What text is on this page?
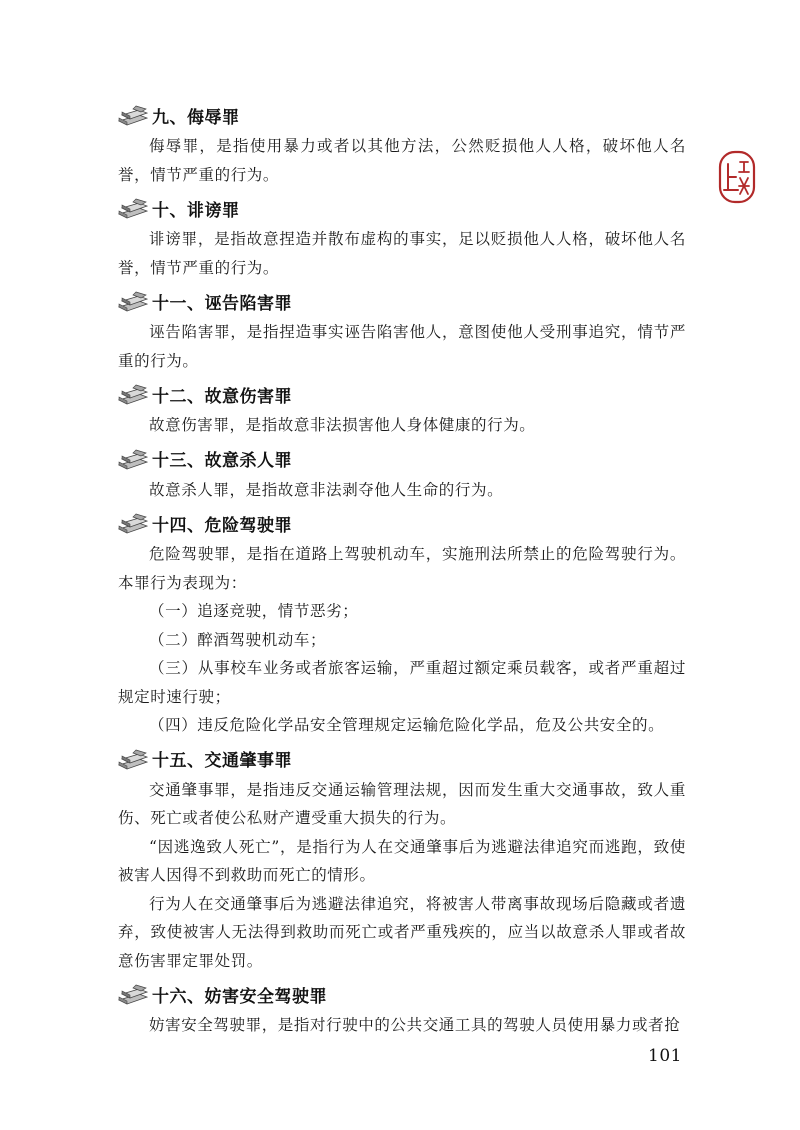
九、侮辱罪

侮辱罪，是指使用暴力或者以其他方法，公然贬损他人人格，破坏他人名誉，情节严重的行为。

十、诽谤罪

诽谤罪，是指故意捏造并散布虚构的事实，足以贬损他人人格，破坏他人名誉，情节严重的行为。

十一、诬告陷害罪

诬告陷害罪，是指捏造事实诬告陷害他人，意图使他人受刑事追究，情节严重的行为。

十二、故意伤害罪

故意伤害罪，是指故意非法损害他人身体健康的行为。

十三、故意杀人罪

故意杀人罪，是指故意非法剥夺他人生命的行为。

十四、危险驾驶罪

危险驾驶罪，是指在道路上驾驶机动车，实施刑法所禁止的危险驾驶行为。本罪行为表现为：

（一）追逐竞驶，情节恶劣；

（二）醉酒驾驶机动车；

（三）从事校车业务或者旅客运输，严重超过额定乘员载客，或者严重超过规定时速行驶；

（四）违反危险化学品安全管理规定运输危险化学品，危及公共安全的。

十五、交通肇事罪

交通肇事罪，是指违反交通运输管理法规，因而发生重大交通事故，致人重伤、死亡或者使公私财产遭受重大损失的行为。

“因逃逸致人死亡”，是指行为人在交通肇事后为逃避法律追究而逃跑，致使被害人因得不到救助而死亡的情形。

行为人在交通肇事后为逃避法律追究，将被害人带离事故现场后隐藏或者遗弃，致使被害人无法得到救助而死亡或者严重残疾的，应当以故意杀人罪或者故意伤害罪定罪处罚。

十六、妨害安全驾驶罪

妨害安全驾驶罪，是指对行驶中的公共交通工具的驾驶人员使用暴力或者抢

101
